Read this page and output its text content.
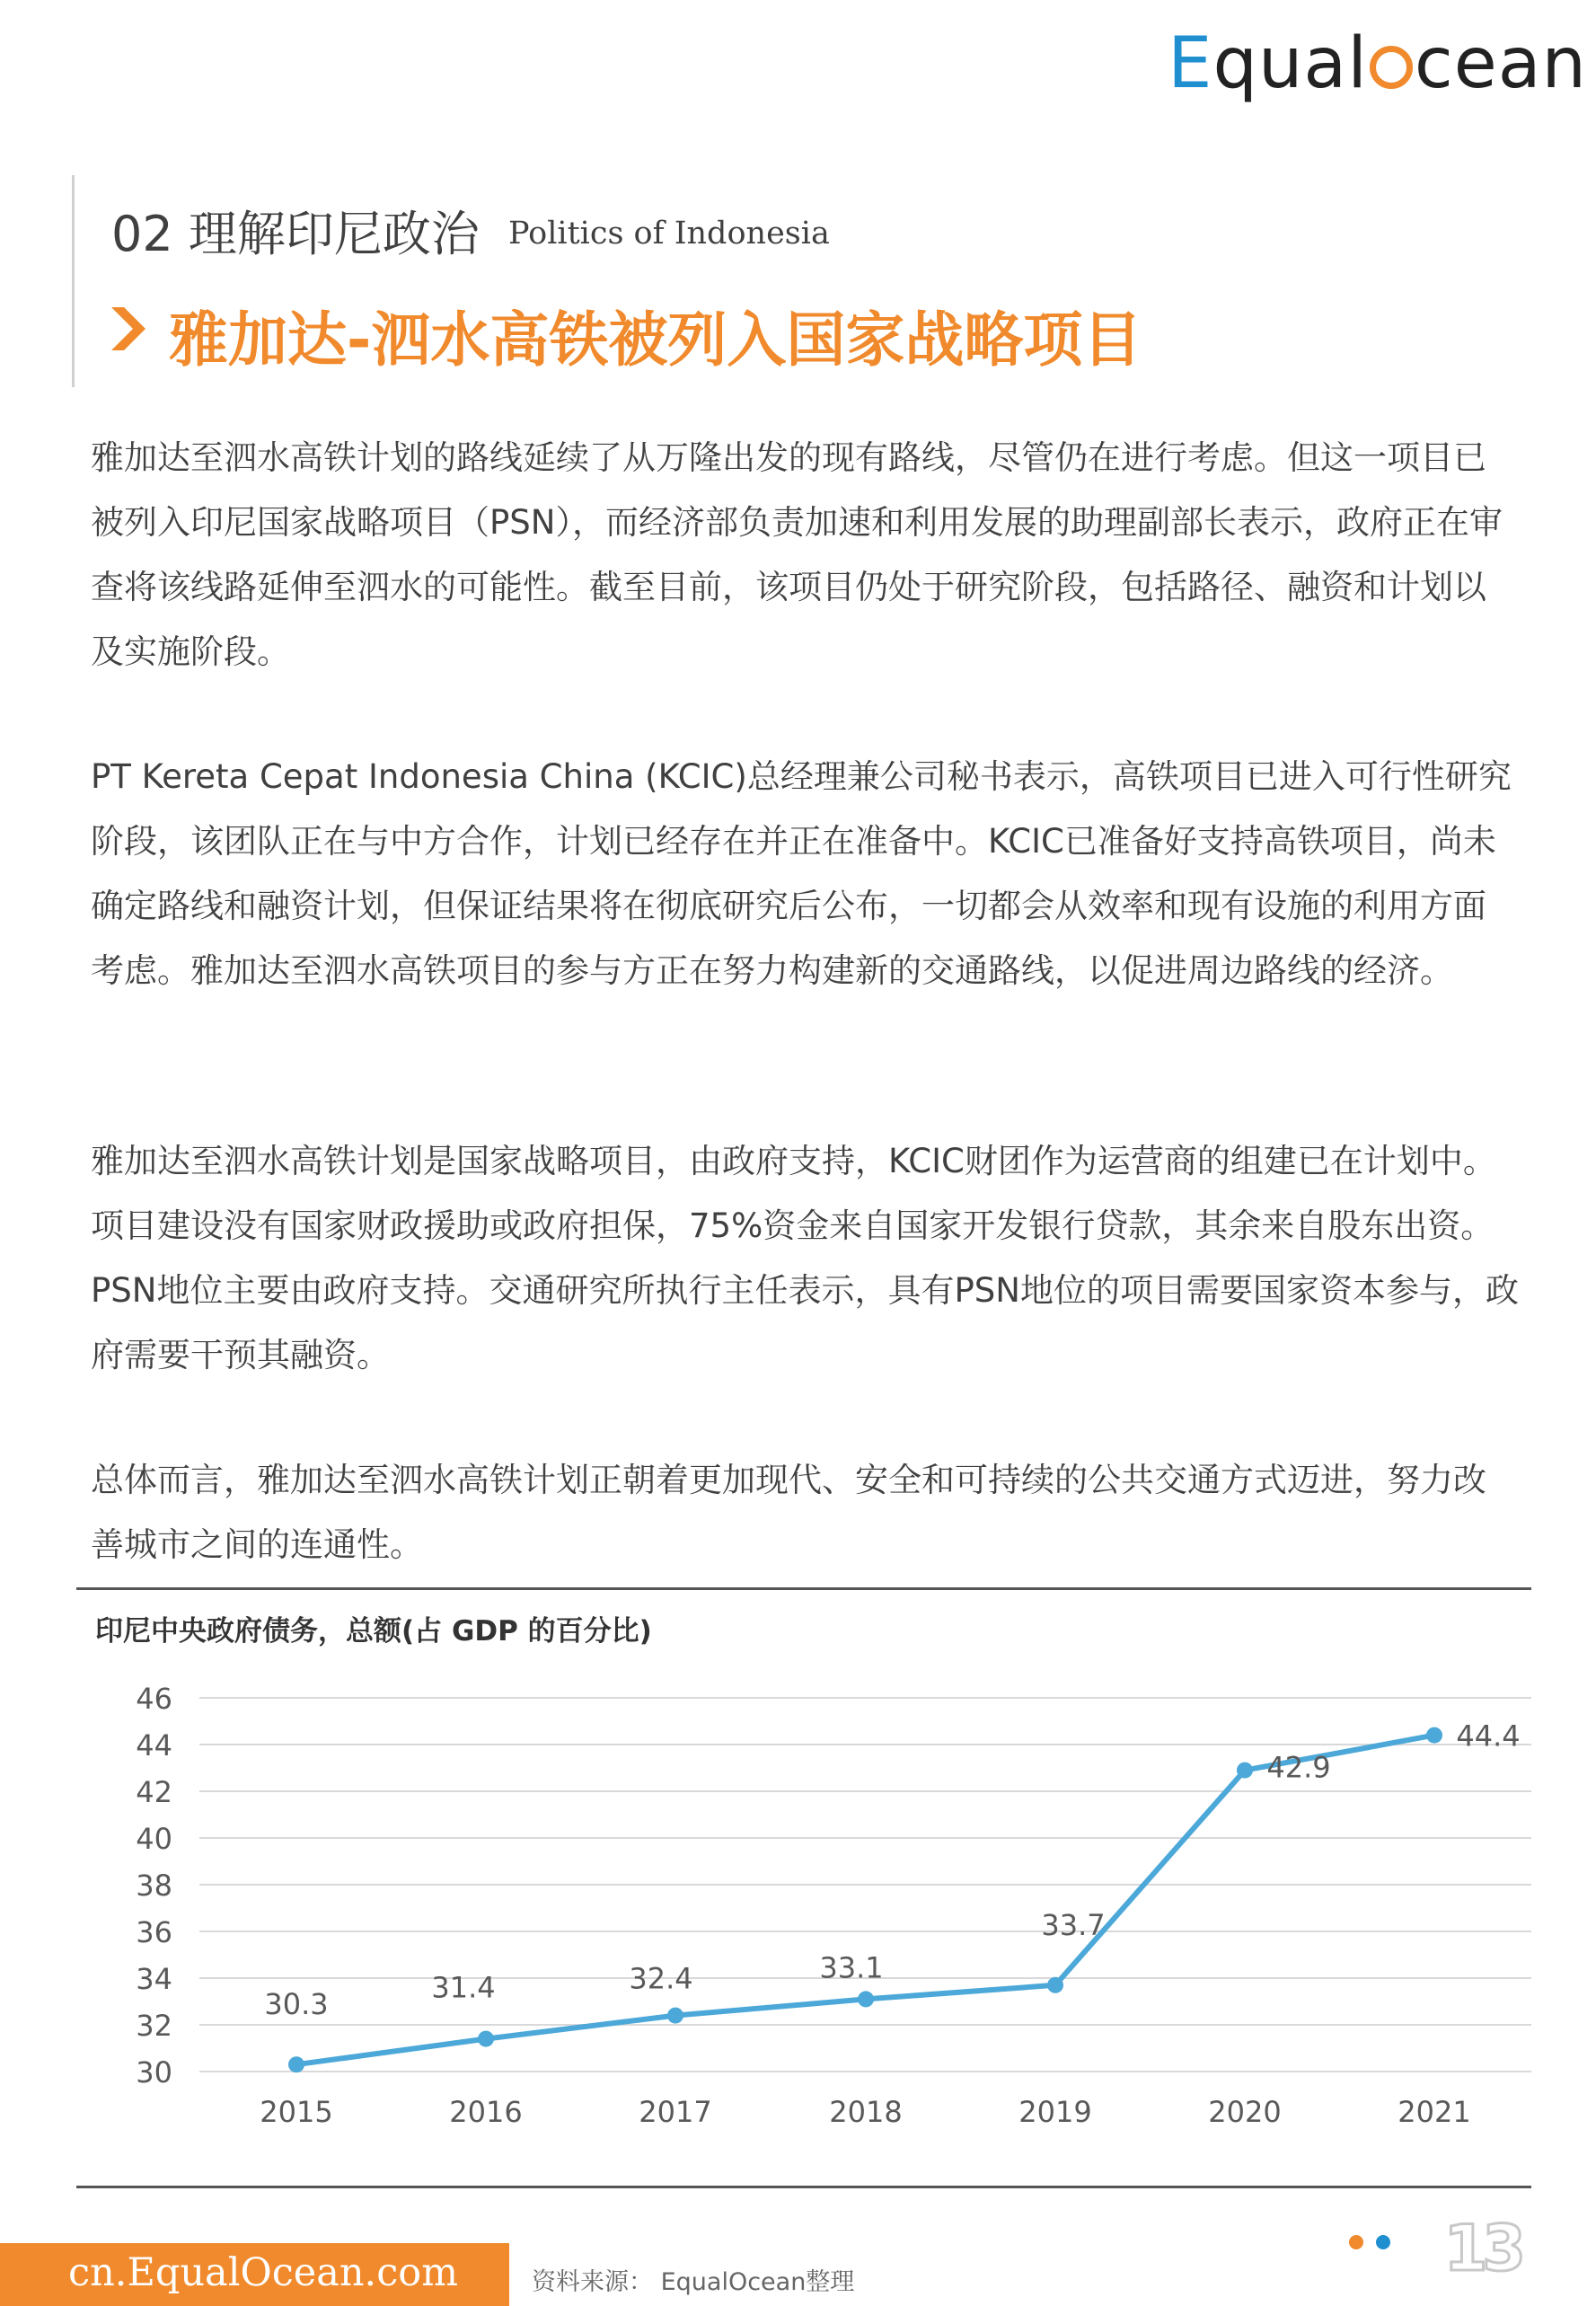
Equal cean
02 理解印尼政治 Politics of Indonesia
雅加达-泗水高铁被列入国家战略项目

雅加达至泗水高铁计划的路线延续了从万隆出发的现有路线，尽管仍在进行考虑。但这一项目已被列入印尼国家战略项目（PSN），而经济部负责加速和利用发展的助理副部长表示，政府正在审查将该线路延伸至泗水的可能性。截至目前，该项目仍处于研究阶段，包括路径、融资和计划以及实施阶段。

PT Kereta Cepat Indonesia China (KCIC)总经理兼公司秘书表示，高铁项目已进入可行性研究阶段，该团队正在与中方合作，计划已经存在并正在准备中。KCIC已准备好支持高铁项目，尚未确定路线和融资计划，但保证结果将在彻底研究后公布，一切都会从效率和现有设施的利用方面考虑。雅加达至泗水高铁项目的参与方正在努力构建新的交通路线，以促进周边路线的经济。

雅加达至泗水高铁计划是国家战略项目，由政府支持，KCIC财团作为运营商的组建已在计划中。项目建设没有国家财政援助或政府担保，75%资金来自国家开发银行贷款，其余来自股东出资。PSN地位主要由政府支持。交通研究所执行主任表示，具有PSN地位的项目需要国家资本参与，政府需要干预其融资。

总体而言，雅加达至泗水高铁计划正朝着更加现代、安全和可持续的公共交通方式迈进，努力改善城市之间的连通性。

印尼中央政府债务，总额(占 GDP 的百分比)
30
32
34
36
38
40
42
44
46
2015	2016	2017	2018	2019	2020	2021
30.3	31.4	32.4	33.1
33.7
42.9
44.4
cn.EqualOcean.com	资料来源： EqualOcean整理	13
